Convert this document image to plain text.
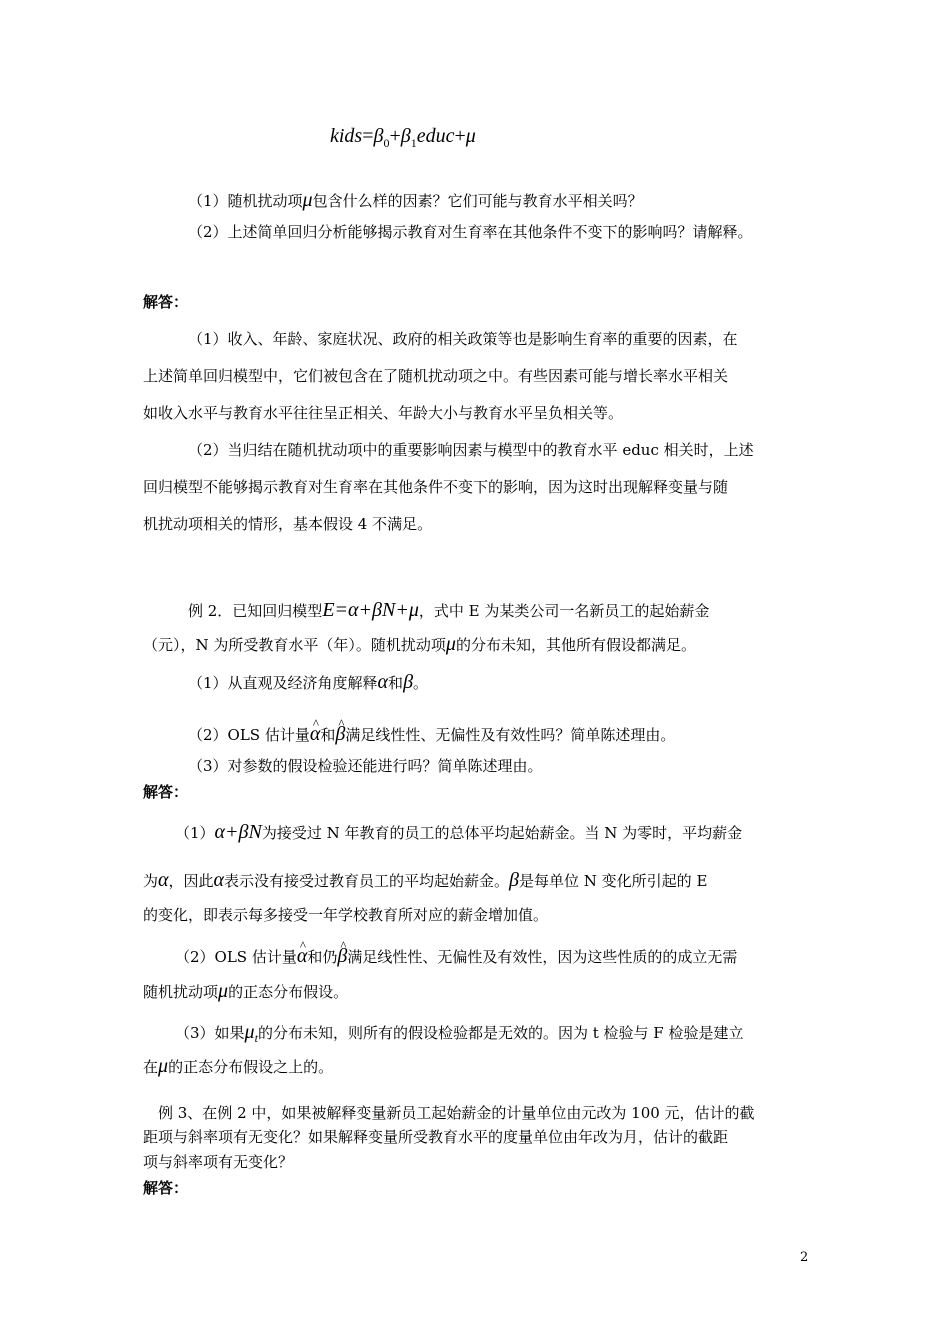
$kids=\beta_0+\beta_1educ+\mu$
（1）随机扰动项μ包含什么样的因素？它们可能与教育水平相关吗？
（2）上述简单回归分析能够揭示教育对生育率在其他条件不变下的影响吗？请解释。
解答：
（1）收入、年龄、家庭状况、政府的相关政策等也是影响生育率的重要的因素，在
上述简单回归模型中，它们被包含在了随机扰动项之中。有些因素可能与增长率水平相关
如收入水平与教育水平往往呈正相关、年龄大小与教育水平呈负相关等。
（2）当归结在随机扰动项中的重要影响因素与模型中的教育水平 educ 相关时，上述
回归模型不能够揭示教育对生育率在其他条件不变下的影响，因为这时出现解释变量与随
机扰动项相关的情形，基本假设 4 不满足。
例 2．已知回归模型E=α+βN+μ，式中 E 为某类公司一名新员工的起始薪金
（元），N 为所受教育水平（年）。随机扰动项μ的分布未知，其他所有假设都满足。
（1）从直观及经济角度解释α和β。
（2）OLS 估计量^ α和^ β满足线性性、无偏性及有效性吗？简单陈述理由。
（3）对参数的假设检验还能进行吗？简单陈述理由。
解答：
（1）α+βN为接受过 N 年教育的员工的总体平均起始薪金。当 N 为零时，平均薪金
为α，因此α表示没有接受过教育员工的平均起始薪金。β是每单位 N 变化所引起的 E
的变化，即表示每多接受一年学校教育所对应的薪金增加值。
（2）OLS 估计量^ α和仍^ β满足线性性、无偏性及有效性，因为这些性质的的成立无需
随机扰动项μ的正态分布假设。
（3）如果$\mu_t$的分布未知，则所有的假设检验都是无效的。因为 t 检验与 F 检验是建立
在μ的正态分布假设之上的。
例 3、在例 2 中，如果被解释变量新员工起始薪金的计量单位由元改为 100 元，估计的截
距项与斜率项有无变化？如果解释变量所受教育水平的度量单位由年改为月，估计的截距
项与斜率项有无变化？
解答：
2
